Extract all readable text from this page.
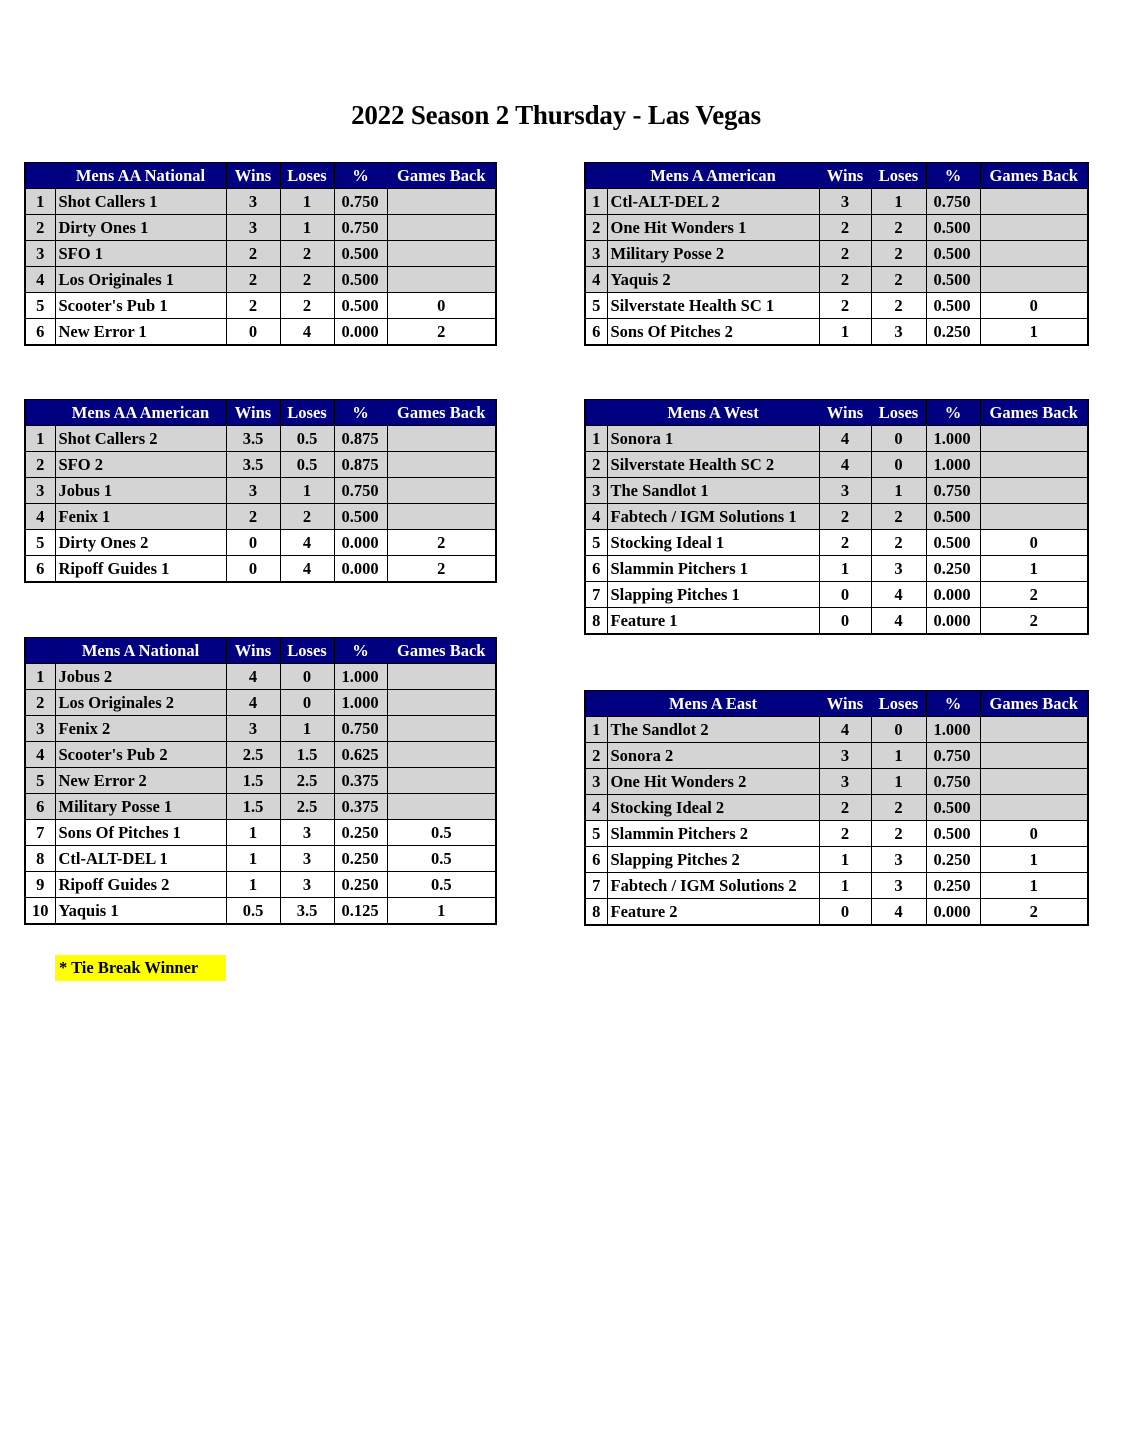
2022 Season 2 Thursday - Las Vegas
	Mens AA National	Wins	Loses	%	Games Back
1	Shot Callers 1	3	1	0.750	
2	Dirty Ones 1	3	1	0.750	
3	SFO 1	2	2	0.500	
4	Los Originales 1	2	2	0.500	
5	Scooter's Pub 1	2	2	0.500	0
6	New Error 1	0	4	0.000	2
	Mens AA American	Wins	Loses	%	Games Back
1	Shot Callers 2	3.5	0.5	0.875	
2	SFO 2	3.5	0.5	0.875	
3	Jobus 1	3	1	0.750	
4	Fenix 1	2	2	0.500	
5	Dirty Ones 2	0	4	0.000	2
6	Ripoff Guides 1	0	4	0.000	2
	Mens A National	Wins	Loses	%	Games Back
1	Jobus 2	4	0	1.000	
2	Los Originales 2	4	0	1.000	
3	Fenix 2	3	1	0.750	
4	Scooter's Pub 2	2.5	1.5	0.625	
5	New Error 2	1.5	2.5	0.375	
6	Military Posse 1	1.5	2.5	0.375	
7	Sons Of Pitches 1	1	3	0.250	0.5
8	Ctl-ALT-DEL 1	1	3	0.250	0.5
9	Ripoff Guides 2	1	3	0.250	0.5
10	Yaquis 1	0.5	3.5	0.125	1
	Mens A American	Wins	Loses	%	Games Back
1	Ctl-ALT-DEL 2	3	1	0.750	
2	One Hit Wonders 1	2	2	0.500	
3	Military Posse 2	2	2	0.500	
4	Yaquis 2	2	2	0.500	
5	Silverstate Health SC 1	2	2	0.500	0
6	Sons Of Pitches 2	1	3	0.250	1
	Mens A West	Wins	Loses	%	Games Back
1	Sonora 1	4	0	1.000	
2	Silverstate Health SC 2	4	0	1.000	
3	The Sandlot 1	3	1	0.750	
4	Fabtech / IGM Solutions 1	2	2	0.500	
5	Stocking Ideal 1	2	2	0.500	0
6	Slammin Pitchers 1	1	3	0.250	1
7	Slapping Pitches 1	0	4	0.000	2
8	Feature 1	0	4	0.000	2
	Mens A East	Wins	Loses	%	Games Back
1	The Sandlot 2	4	0	1.000	
2	Sonora 2	3	1	0.750	
3	One Hit Wonders 2	3	1	0.750	
4	Stocking Ideal 2	2	2	0.500	
5	Slammin Pitchers 2	2	2	0.500	0
6	Slapping Pitches 2	1	3	0.250	1
7	Fabtech / IGM Solutions 2	1	3	0.250	1
8	Feature 2	0	4	0.000	2
* Tie Break Winner
